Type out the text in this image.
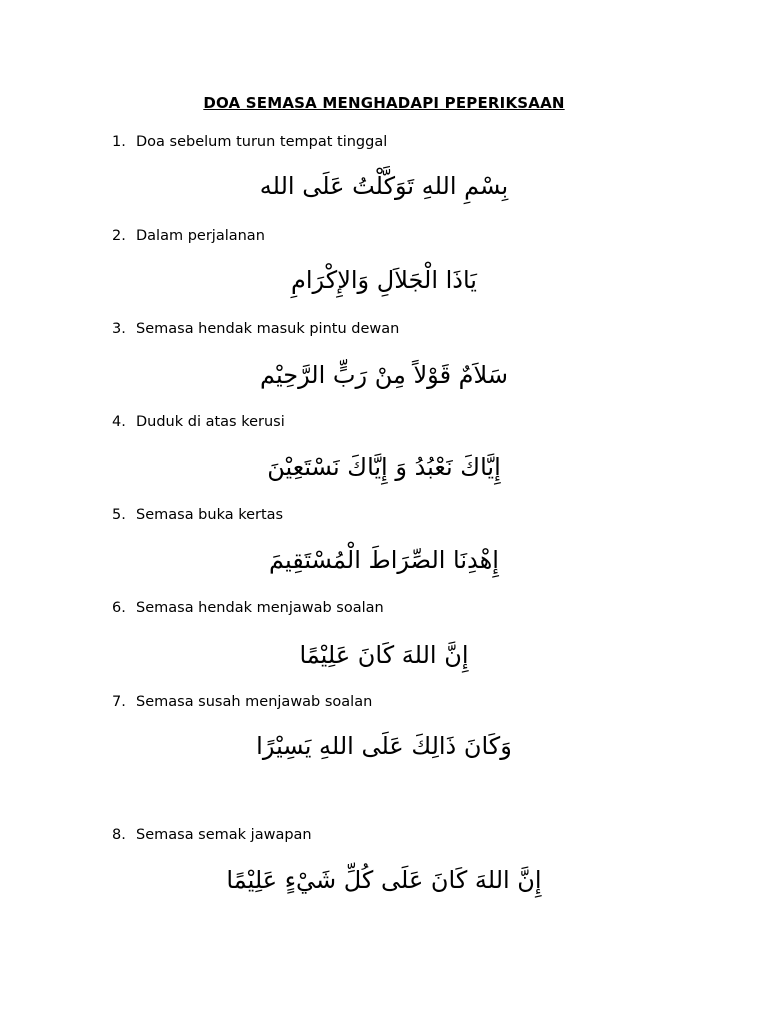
DOA SEMASA MENGHADAPI PEPERIKSAAN
1. Doa sebelum turun tempat tinggal
بِسْمِ اللهِ تَوَكَّلْتُ عَلَى الله
2. Dalam perjalanan
يَاذَا الْجَلاَلِ وَالإِكْرَامِ
3. Semasa hendak masuk pintu dewan
سَلاَمٌ قَوْلاً مِنْ رَبٍّ الرَّحِيْم
4. Duduk di atas kerusi
إِيَّاكَ نَعْبُدُ وَ إِيَّاكَ نَسْتَعِيْنَ
5. Semasa buka kertas
إِهْدِنَا الصِّرَاطَ الْمُسْتَقِيمَ
6. Semasa hendak menjawab soalan
إِنَّ اللهَ كَانَ عَلِيْمًا
7. Semasa susah menjawab soalan
وَكَانَ ذَالِكَ عَلَى اللهِ يَسِيْرًا
8. Semasa semak jawapan
إِنَّ اللهَ كَانَ عَلَى كُلِّ شَيْءٍ عَلِيْمًا
